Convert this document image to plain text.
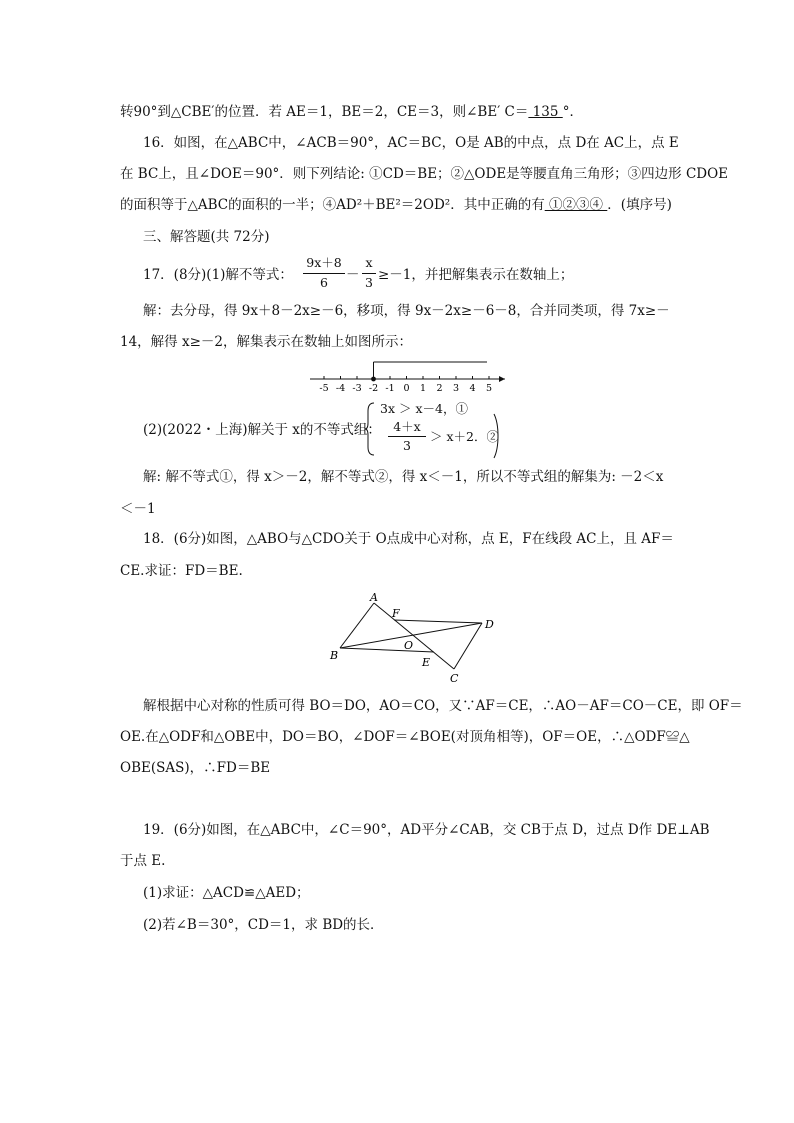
转90°到△CBE′的位置．若 AE＝1，BE＝2，CE＝3，则∠BE′ C＝ 135 °．
16．如图，在△ABC中，∠ACB＝90°，AC＝BC，O是 AB的中点，点 D在 AC上，点 E
在 BC上，且∠DOE＝90°．则下列结论: ①CD＝BE；②△ODE是等腰直角三角形；③四边形 CDOE
的面积等于△ABC的面积的一半；④AD²＋BE²＝2OD²．其中正确的有 ①②③④ ．(填序号)
三、解答题(共 72分)
17．(8分)(1)解不等式：
9x＋8
6	－
x
3 ≥－1，并把解集表示在数轴上；
解：去分母，得 9x＋8－2x≥－6，移项，得 9x－2x≥－6－8，合并同类项，得 7x≥－
14，解得 x≥－2，解集表示在数轴上如图所示：
-5 -4 -3 -2 -1 0 1 2 3 4 5
(2)(2022・上海)解关于 x的不等式组：
3x ＞ x－4，①
4＋x
3
＞ x＋2．②
解: 解不等式①，得 x＞－2，解不等式②，得 x＜－1，所以不等式组的解集为: －2＜x
＜－1
18．(6分)如图，△ABO与△CDO关于 O点成中心对称，点 E，F在线段 AC上，且 AF＝
CE.求证：FD＝BE.
A
F
D
B
O
E
C
解根据中心对称的性质可得 BO＝DO，AO＝CO，又∵AF＝CE，∴AO－AF＝CO－CE，即 OF＝
OE.在△ODF和△OBE中，DO＝BO，∠DOF＝∠BOE(对顶角相等)，OF＝OE，∴△ODF≌△
OBE(SAS)，∴FD＝BE
19．(6分)如图，在△ABC中，∠C＝90°，AD平分∠CAB，交 CB于点 D，过点 D作 DE⊥AB
于点 E.
(1)求证：△ACD≌△AED；
(2)若∠B＝30°，CD＝1，求 BD的长．
